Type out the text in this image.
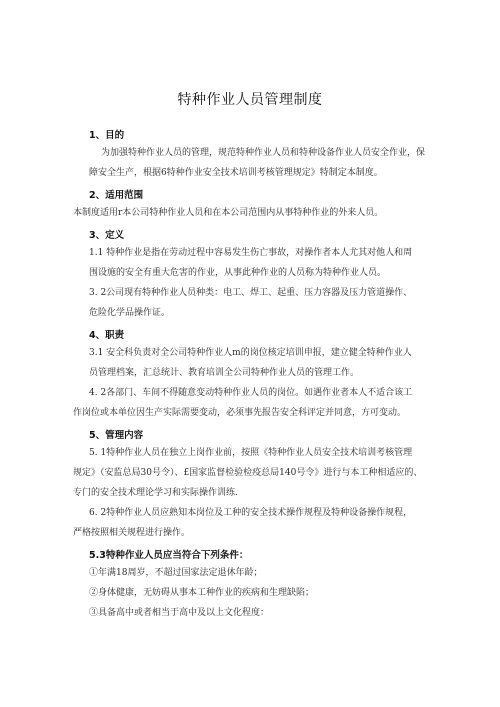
特种作业人员管理制度
1、目的
为加强特种作业人员的管理，规范特种作业人员和特种设备作业人员安全作业，保
障安全生产，根据6特种作业安全技术培训考核管理规定》特制定本制度。
2、适用范围
本制度适用r本公司特种作业人员和在本公司范围内从事特种作业的外来人员。
3、定义
1.1 特种作业是指在劳动过程中容易发生伤亡事故，对操作者本人尤其对他人和周
围设施的安全有重大危害的作业，从事此种作业的人员称为特种作业人员。
3. 2公司现有特种作业人员种类：电工、焊工、起重、压力容器及压力管道操作、
危险化学品操作证。
4、职责
3.1 安全科负责对全公司特种作业人m的岗位核定培训申报，建立健全特种作业人
员管理档案，汇总统计、教育培训全公司特种作业人员的管理工作。
4. 2各部门、车间不得随意变动特种作业人员的岗位。如遇作业者本人不适合该工
作岗位或本单位因生产实际需要变动，必须事先报告安全科评定并同意，方可变动。
5、管理内容
5. 1特种作业人员在独立上岗作业前，按照《特种作业人员安全技术培训考核管理
规定》（安监总局30号令）、£国家监督检验检疫总局140号令》进行与本工种相适应的、
专门的安全技术理论学习和实际操作训练.
6. 2特种作业人员应熟知本岗位及工种的安全技术操作规程及特种设备操作规程，
严格按照相关规程进行操作。
5.3特种作业人员应当符合下列条件：
①年满18周岁，不超过国家法定退休年龄；
②身体健康，无妨碍从事本工种作业的疾病和生理缺陷；
③具备高中或者相当于高中及以上文化程度：
